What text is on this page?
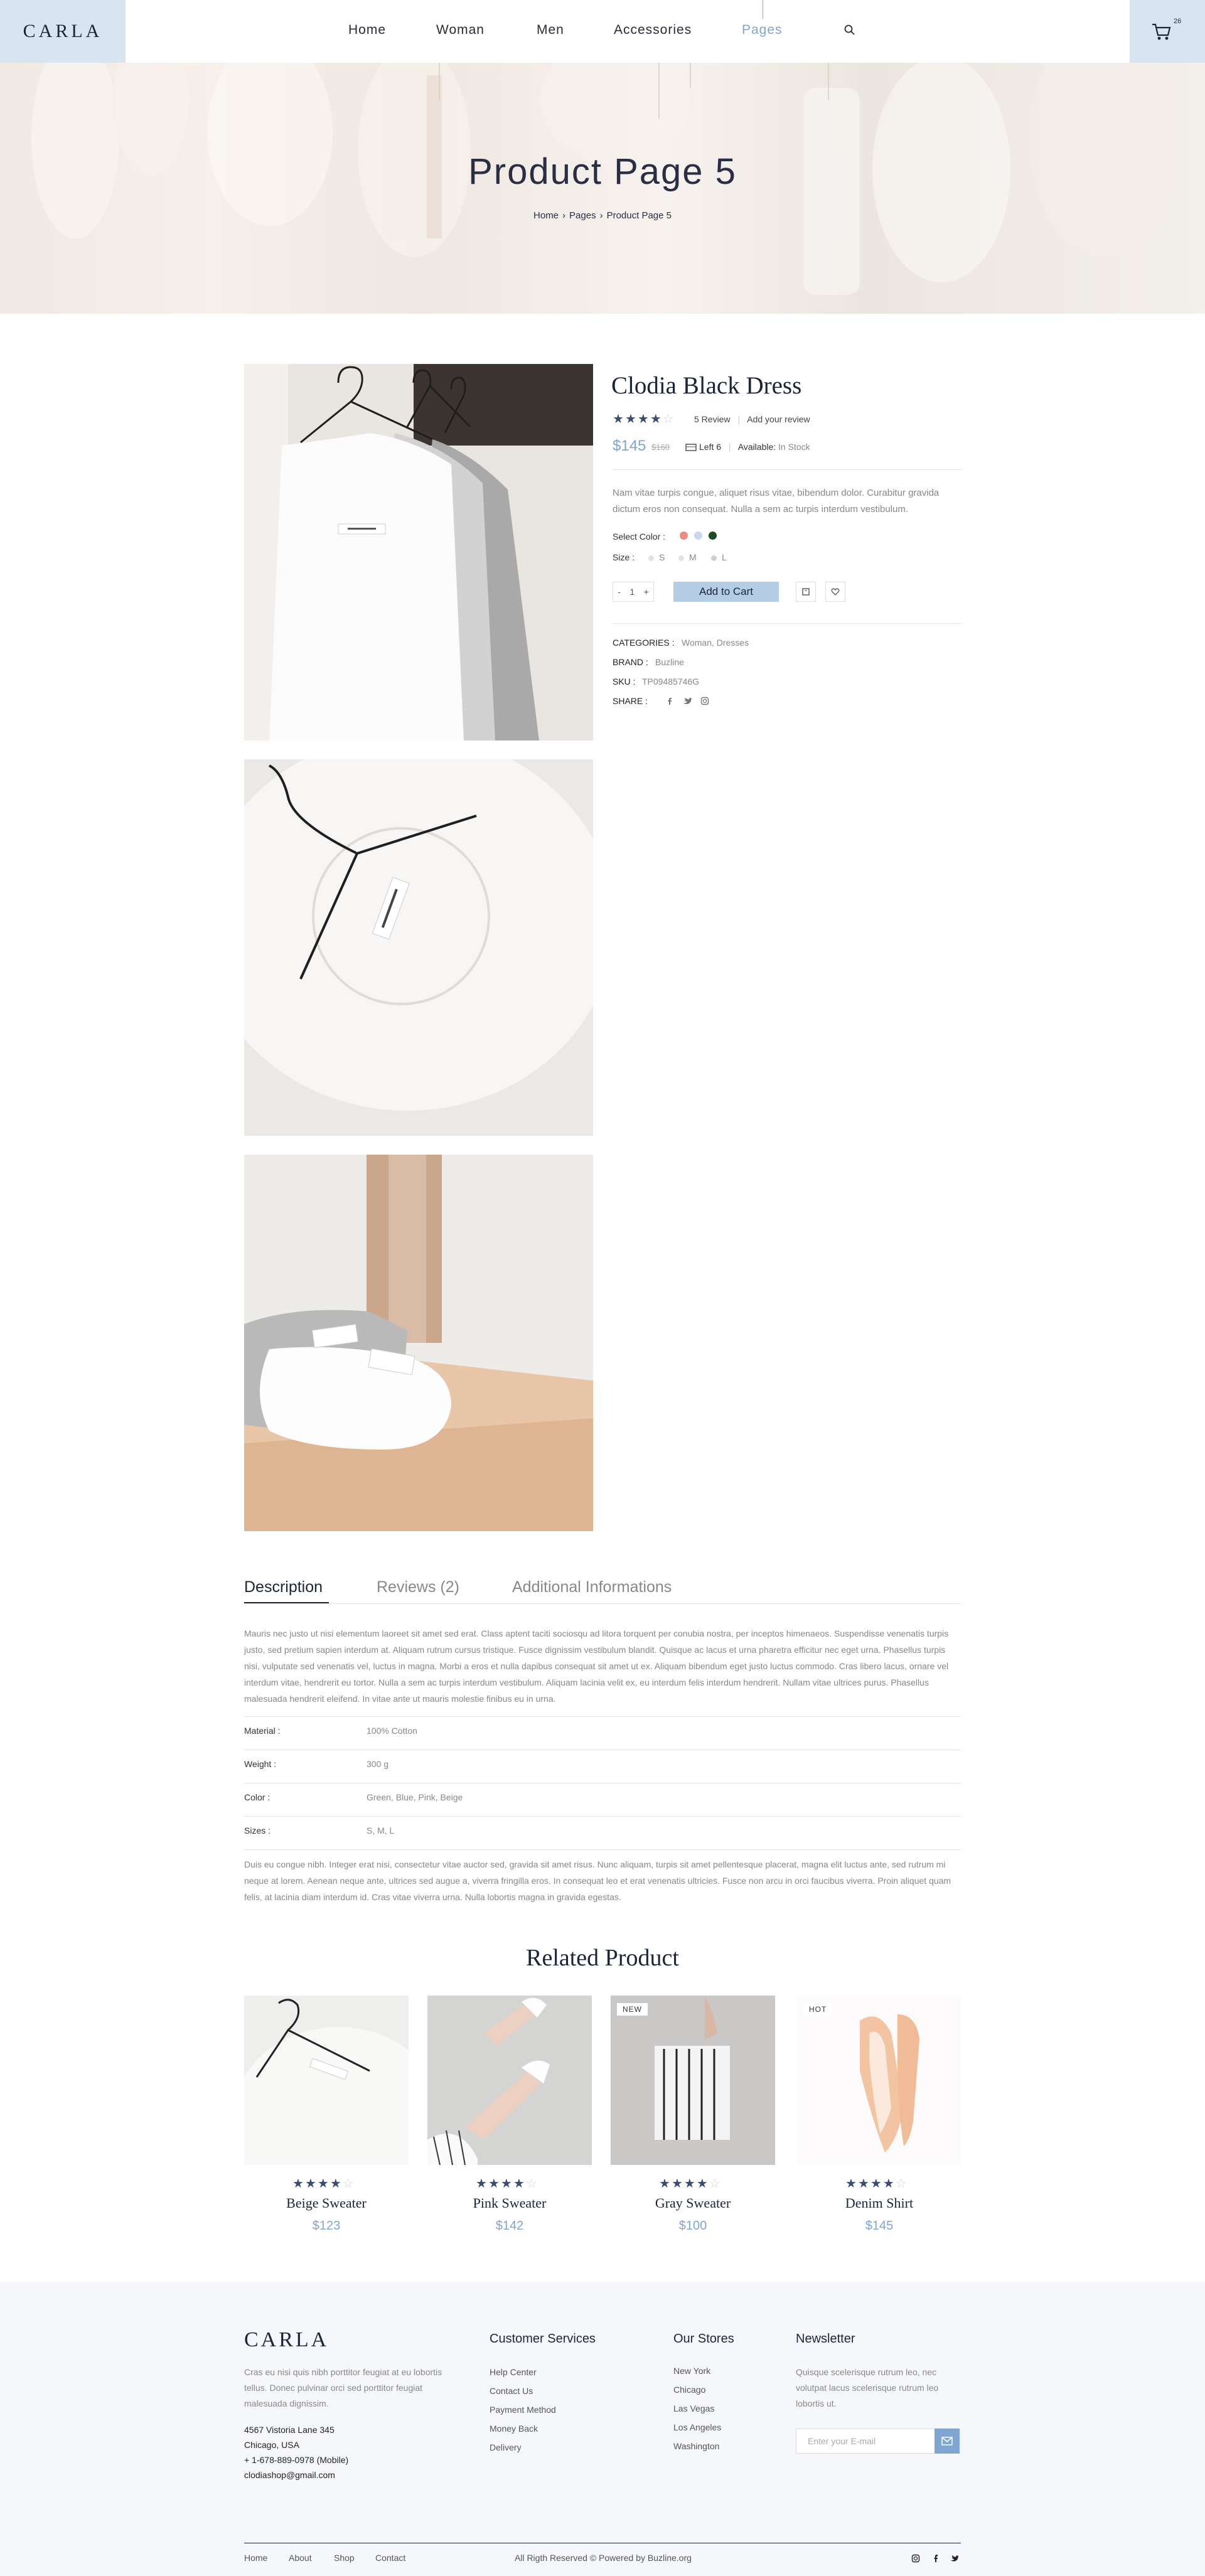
CARLA	Home	Woman	Men	Accessories	Pages
26
Product Page 5
Home › Pages › Product Page 5
Clodia Black Dress
★★★★☆ 5 Review | Add your review
$145 $160	Left 6 | Available: In Stock
Nam vitae turpis congue, aliquet risus vitae, bibendum dolor. Curabitur gravida dictum eros non consequat. Nulla a sem ac turpis interdum vestibulum.
Select Color :
Size :	S	M	L
- 1 +	Add to Cart
CATEGORIES : Woman, Dresses
BRAND : Buzline
SKU : TP09485746G
SHARE :
Description	Reviews (2)	Additional Informations
Mauris nec justo ut nisi elementum laoreet sit amet sed erat. Class aptent taciti sociosqu ad litora torquent per conubia nostra, per inceptos himenaeos. Suspendisse venenatis turpis justo, sed pretium sapien interdum at. Aliquam rutrum cursus tristique. Fusce dignissim vestibulum blandit. Quisque ac lacus et urna pharetra efficitur nec eget urna. Phasellus turpis nisi, vulputate sed venenatis vel, luctus in magna. Morbi a eros et nulla dapibus consequat sit amet ut ex. Aliquam bibendum eget justo luctus commodo. Cras libero lacus, ornare vel interdum vitae, hendrerit eu tortor. Nulla a sem ac turpis interdum vestibulum. Aliquam lacinia velit ex, eu interdum felis interdum hendrerit. Nullam vitae ultrices purus. Phasellus malesuada hendrerit eleifend. In vitae ante ut mauris molestie finibus eu in urna.
Material :	100% Cotton
Weight :	300 g
Color :	Green, Blue, Pink, Beige
Sizes :	S, M, L
Duis eu congue nibh. Integer erat nisi, consectetur vitae auctor sed, gravida sit amet risus. Nunc aliquam, turpis sit amet pellentesque placerat, magna elit luctus ante, sed rutrum mi neque at lorem. Aenean neque ante, ultrices sed augue a, viverra fringilla eros. In consequat leo et erat venenatis ultricies. Fusce non arcu in orci faucibus viverra. Proin aliquet quam felis, at lacinia diam interdum id. Cras vitae viverra urna. Nulla lobortis magna in gravida egestas.
Related Product
NEW	HOT
★★★★☆	★★★★☆	★★★★☆	★★★★☆
Beige Sweater
$123
Pink Sweater
$142
Gray Sweater
$100
Denim Shirt
$145
CARLA
Cras eu nisi quis nibh porttitor feugiat at eu lobortis tellus. Donec pulvinar orci sed porttitor feugiat malesuada dignissim.
4567 Vistoria Lane 345
Chicago, USA
+ 1-678-889-0978 (Mobile)
clodiashop@gmail.com
Customer Services
Help Center
Contact Us
Payment Method
Money Back
Delivery
Our Stores
New York
Chicago
Las Vegas
Los Angeles
Washington
Newsletter
Quisque scelerisque rutrum leo, nec volutpat lacus scelerisque rutrum leo lobortis ut.
Enter your E-mail
Home About	Shop Contact	All Rigth Reserved © Powered by Buzline.org
